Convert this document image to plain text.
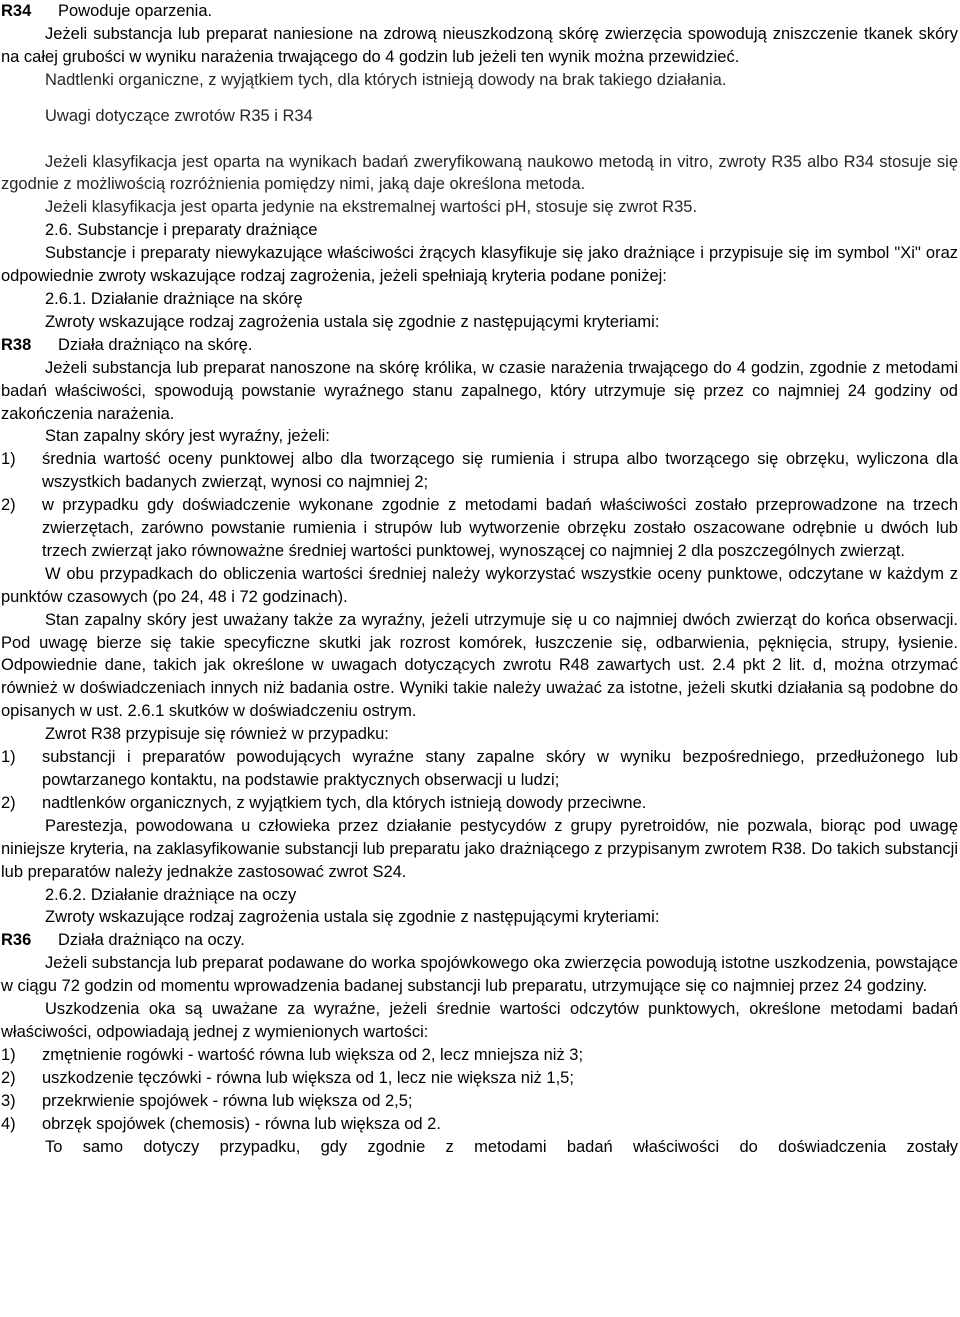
R34 Powoduje oparzenia.

Jeżeli substancja lub preparat naniesione na zdrową nieuszkodzoną skórę zwierzęcia spowodują zniszczenie tkanek skóry na całej grubości w wyniku narażenia trwającego do 4 godzin lub jeżeli ten wynik można przewidzieć.

Nadtlenki organiczne, z wyjątkiem tych, dla których istnieją dowody na brak takiego działania.

Uwagi dotyczące zwrotów R35 i R34

Jeżeli klasyfikacja jest oparta na wynikach badań zweryfikowaną naukowo metodą in vitro, zwroty R35 albo R34 stosuje się zgodnie z możliwością rozróżnienia pomiędzy nimi, jaką daje określona metoda.

Jeżeli klasyfikacja jest oparta jedynie na ekstremalnej wartości pH, stosuje się zwrot R35.

2.6. Substancje i preparaty drażniące

Substancje i preparaty niewykazujące właściwości żrących klasyfikuje się jako drażniące i przypisuje się im symbol "Xi" oraz odpowiednie zwroty wskazujące rodzaj zagrożenia, jeżeli spełniają kryteria podane poniżej:

2.6.1. Działanie drażniące na skórę

Zwroty wskazujące rodzaj zagrożenia ustala się zgodnie z następującymi kryteriami:

R38 Działa drażniąco na skórę.

Jeżeli substancja lub preparat nanoszone na skórę królika, w czasie narażenia trwającego do 4 godzin, zgodnie z metodami badań właściwości, spowodują powstanie wyraźnego stanu zapalnego, który utrzymuje się przez co najmniej 24 godziny od zakończenia narażenia.

Stan zapalny skóry jest wyraźny, jeżeli:

1)	średnia wartość oceny punktowej albo dla tworzącego się rumienia i strupa albo tworzącego się obrzęku, wyliczona dla wszystkich badanych zwierząt, wynosi co najmniej 2;
2)	w przypadku gdy doświadczenie wykonane zgodnie z metodami badań właściwości zostało przeprowadzone na trzech zwierzętach, zarówno powstanie rumienia i strupów lub wytworzenie obrzęku zostało oszacowane odrębnie u dwóch lub trzech zwierząt jako równoważne średniej wartości punktowej, wynoszącej co najmniej 2 dla poszczególnych zwierząt.

W obu przypadkach do obliczenia wartości średniej należy wykorzystać wszystkie oceny punktowe, odczytane w każdym z punktów czasowych (po 24, 48 i 72 godzinach).

Stan zapalny skóry jest uważany także za wyraźny, jeżeli utrzymuje się u co najmniej dwóch zwierząt do końca obserwacji. Pod uwagę bierze się takie specyficzne skutki jak rozrost komórek, łuszczenie się, odbarwienia, pęknięcia, strupy, łysienie. Odpowiednie dane, takich jak określone w uwagach dotyczących zwrotu R48 zawartych ust. 2.4 pkt 2 lit. d, można otrzymać również w doświadczeniach innych niż badania ostre. Wyniki takie należy uważać za istotne, jeżeli skutki działania są podobne do opisanych w ust. 2.6.1 skutków w doświadczeniu ostrym.

Zwrot R38 przypisuje się również w przypadku:

1)	substancji i preparatów powodujących wyraźne stany zapalne skóry w wyniku bezpośredniego, przedłużonego lub powtarzanego kontaktu, na podstawie praktycznych obserwacji u ludzi;
2)	nadtlenków organicznych, z wyjątkiem tych, dla których istnieją dowody przeciwne.

Parestezja, powodowana u człowieka przez działanie pestycydów z grupy pyretroidów, nie pozwala, biorąc pod uwagę niniejsze kryteria, na zaklasyfikowanie substancji lub preparatu jako drażniącego z przypisanym zwrotem R38. Do takich substancji lub preparatów należy jednakże zastosować zwrot S24.

2.6.2. Działanie drażniące na oczy

Zwroty wskazujące rodzaj zagrożenia ustala się zgodnie z następującymi kryteriami:

R36 Działa drażniąco na oczy.

Jeżeli substancja lub preparat podawane do worka spojówkowego oka zwierzęcia powodują istotne uszkodzenia, powstające w ciągu 72 godzin od momentu wprowadzenia badanej substancji lub preparatu, utrzymujące się co najmniej przez 24 godziny.

Uszkodzenia oka są uważane za wyraźne, jeżeli średnie wartości odczytów punktowych, określone metodami badań właściwości, odpowiadają jednej z wymienionych wartości:

1)	zmętnienie rogówki - wartość równa lub większa od 2, lecz mniejsza niż 3;
2)	uszkodzenie tęczówki - równa lub większa od 1, lecz nie większa niż 1,5;
3)	przekrwienie spojówek - równa lub większa od 2,5;
4)	obrzęk spojówek (chemosis) - równa lub większa od 2.

To samo dotyczy przypadku, gdy zgodnie z metodami badań właściwości do doświadczenia zostały
